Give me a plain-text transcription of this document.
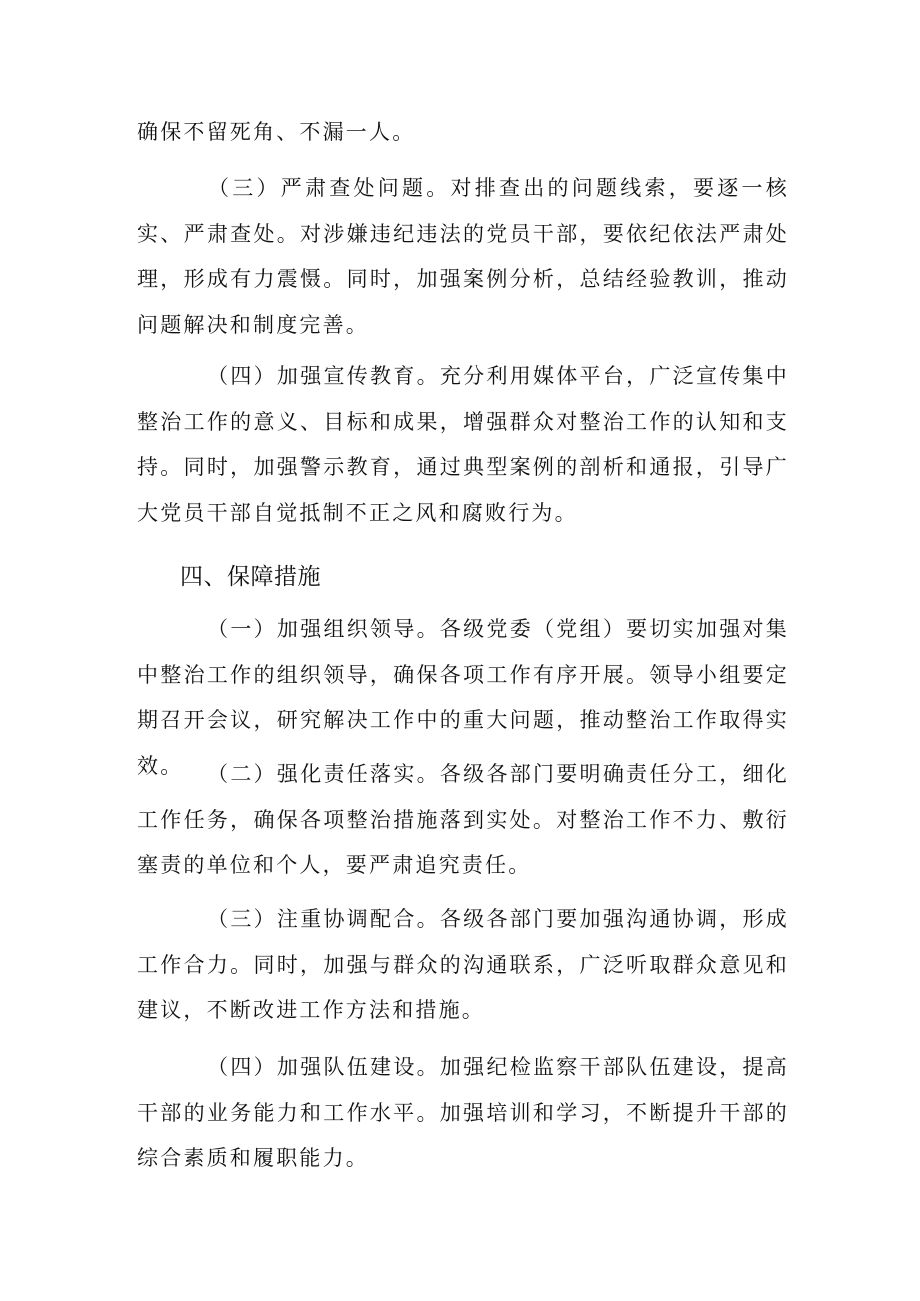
确保不留死角、不漏一人。

（三）严肃查处问题。对排查出的问题线索，要逐一核实、严肃查处。对涉嫌违纪违法的党员干部，要依纪依法严肃处理，形成有力震慑。同时，加强案例分析，总结经验教训，推动问题解决和制度完善。

（四）加强宣传教育。充分利用媒体平台，广泛宣传集中整治工作的意义、目标和成果，增强群众对整治工作的认知和支持。同时，加强警示教育，通过典型案例的剖析和通报，引导广大党员干部自觉抵制不正之风和腐败行为。

四、保障措施

（一）加强组织领导。各级党委（党组）要切实加强对集中整治工作的组织领导，确保各项工作有序开展。领导小组要定期召开会议，研究解决工作中的重大问题，推动整治工作取得实效。	（二）强化责任落实。各级各部门要明确责任分工，细化工作任务，确保各项整治措施落到实处。对整治工作不力、敷衍塞责的单位和个人，要严肃追究责任。

（三）注重协调配合。各级各部门要加强沟通协调，形成工作合力。同时，加强与群众的沟通联系，广泛听取群众意见和建议，不断改进工作方法和措施。

（四）加强队伍建设。加强纪检监察干部队伍建设，提高干部的业务能力和工作水平。加强培训和学习，不断提升干部的综合素质和履职能力。
